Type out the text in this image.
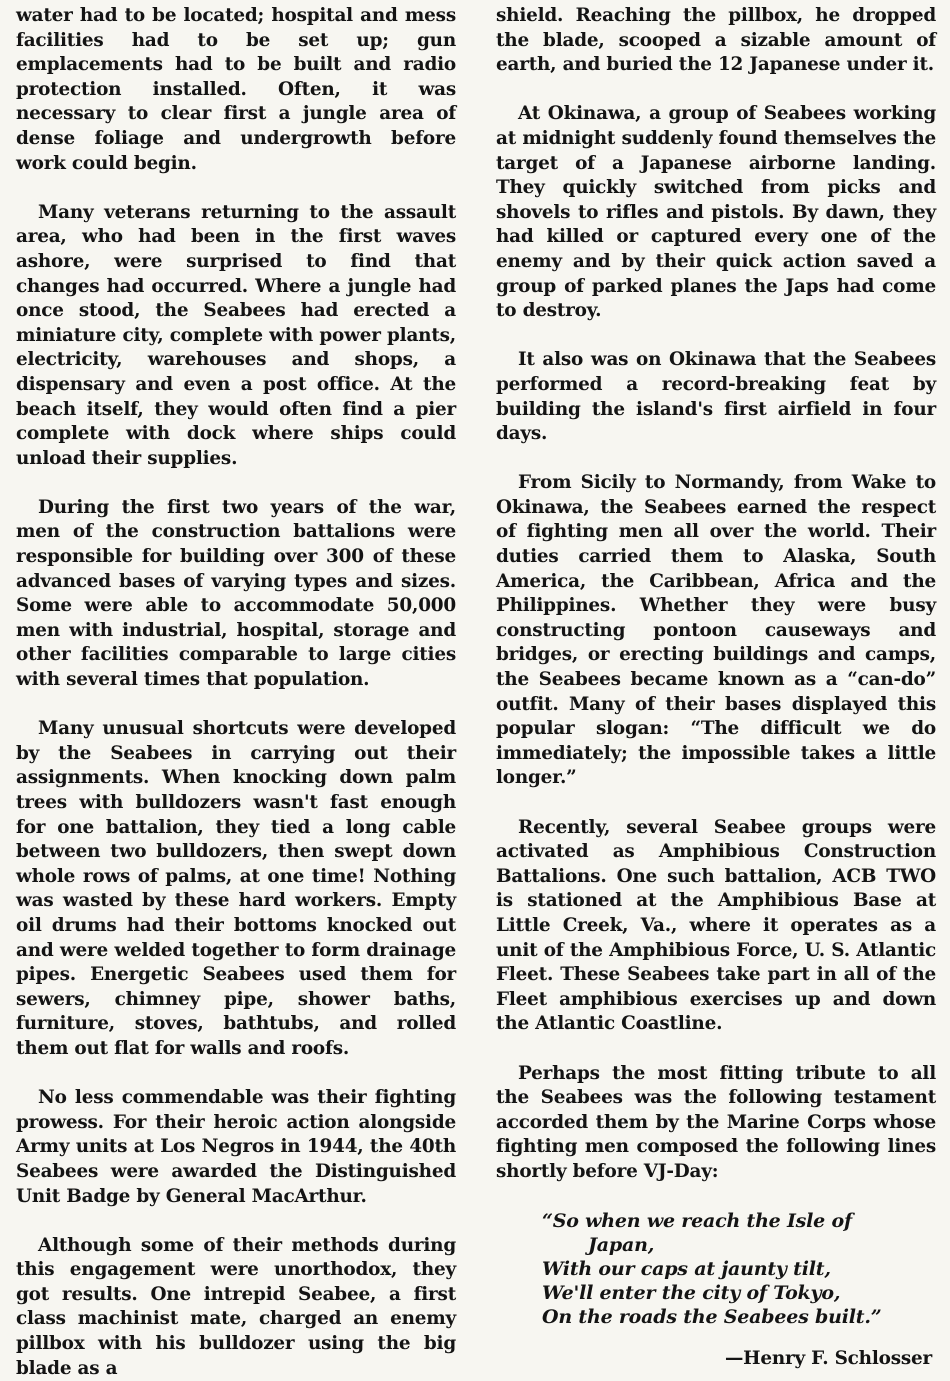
water had to be located; hospital and mess facilities had to be set up; gun emplacements had to be built and radio protection installed. Often, it was necessary to clear first a jungle area of dense foliage and undergrowth before work could begin.

Many veterans returning to the assault area, who had been in the first waves ashore, were surprised to find that changes had occurred. Where a jungle had once stood, the Seabees had erected a miniature city, complete with power plants, electricity, warehouses and shops, a dispensary and even a post office. At the beach itself, they would often find a pier complete with dock where ships could unload their supplies.

During the first two years of the war, men of the construction battalions were responsible for building over 300 of these advanced bases of varying types and sizes. Some were able to accommodate 50,000 men with industrial, hospital, storage and other facilities comparable to large cities with several times that population.

Many unusual shortcuts were developed by the Seabees in carrying out their assignments. When knocking down palm trees with bulldozers wasn't fast enough for one battalion, they tied a long cable between two bulldozers, then swept down whole rows of palms, at one time! Nothing was wasted by these hard workers. Empty oil drums had their bottoms knocked out and were welded together to form drainage pipes. Energetic Seabees used them for sewers, chimney pipe, shower baths, furniture, stoves, bathtubs, and rolled them out flat for walls and roofs.

No less commendable was their fighting prowess. For their heroic action alongside Army units at Los Negros in 1944, the 40th Seabees were awarded the Distinguished Unit Badge by General MacArthur.

Although some of their methods during this engagement were unorthodox, they got results. One intrepid Seabee, a first class machinist mate, charged an enemy pillbox with his bulldozer using the big blade as a

shield. Reaching the pillbox, he dropped the blade, scooped a sizable amount of earth, and buried the 12 Japanese under it.

At Okinawa, a group of Seabees working at midnight suddenly found themselves the target of a Japanese airborne landing. They quickly switched from picks and shovels to rifles and pistols. By dawn, they had killed or captured every one of the enemy and by their quick action saved a group of parked planes the Japs had come to destroy.

It also was on Okinawa that the Seabees performed a record-breaking feat by building the island's first airfield in four days.

From Sicily to Normandy, from Wake to Okinawa, the Seabees earned the respect of fighting men all over the world. Their duties carried them to Alaska, South America, the Caribbean, Africa and the Philippines. Whether they were busy constructing pontoon causeways and bridges, or erecting buildings and camps, the Seabees became known as a “can-do” outfit. Many of their bases displayed this popular slogan: “The difficult we do immediately; the impossible takes a little longer.”

Recently, several Seabee groups were activated as Amphibious Construction Battalions. One such battalion, ACB TWO is stationed at the Amphibious Base at Little Creek, Va., where it operates as a unit of the Amphibious Force, U. S. Atlantic Fleet. These Seabees take part in all of the Fleet amphibious exercises up and down the Atlantic Coastline.

Perhaps the most fitting tribute to all the Seabees was the following testament accorded them by the Marine Corps whose fighting men composed the following lines shortly before VJ-Day:

“So when we reach the Isle of
Japan,
With our caps at jaunty tilt,
We'll enter the city of Tokyo,
On the roads the Seabees built.”
—Henry F. Schlosser
